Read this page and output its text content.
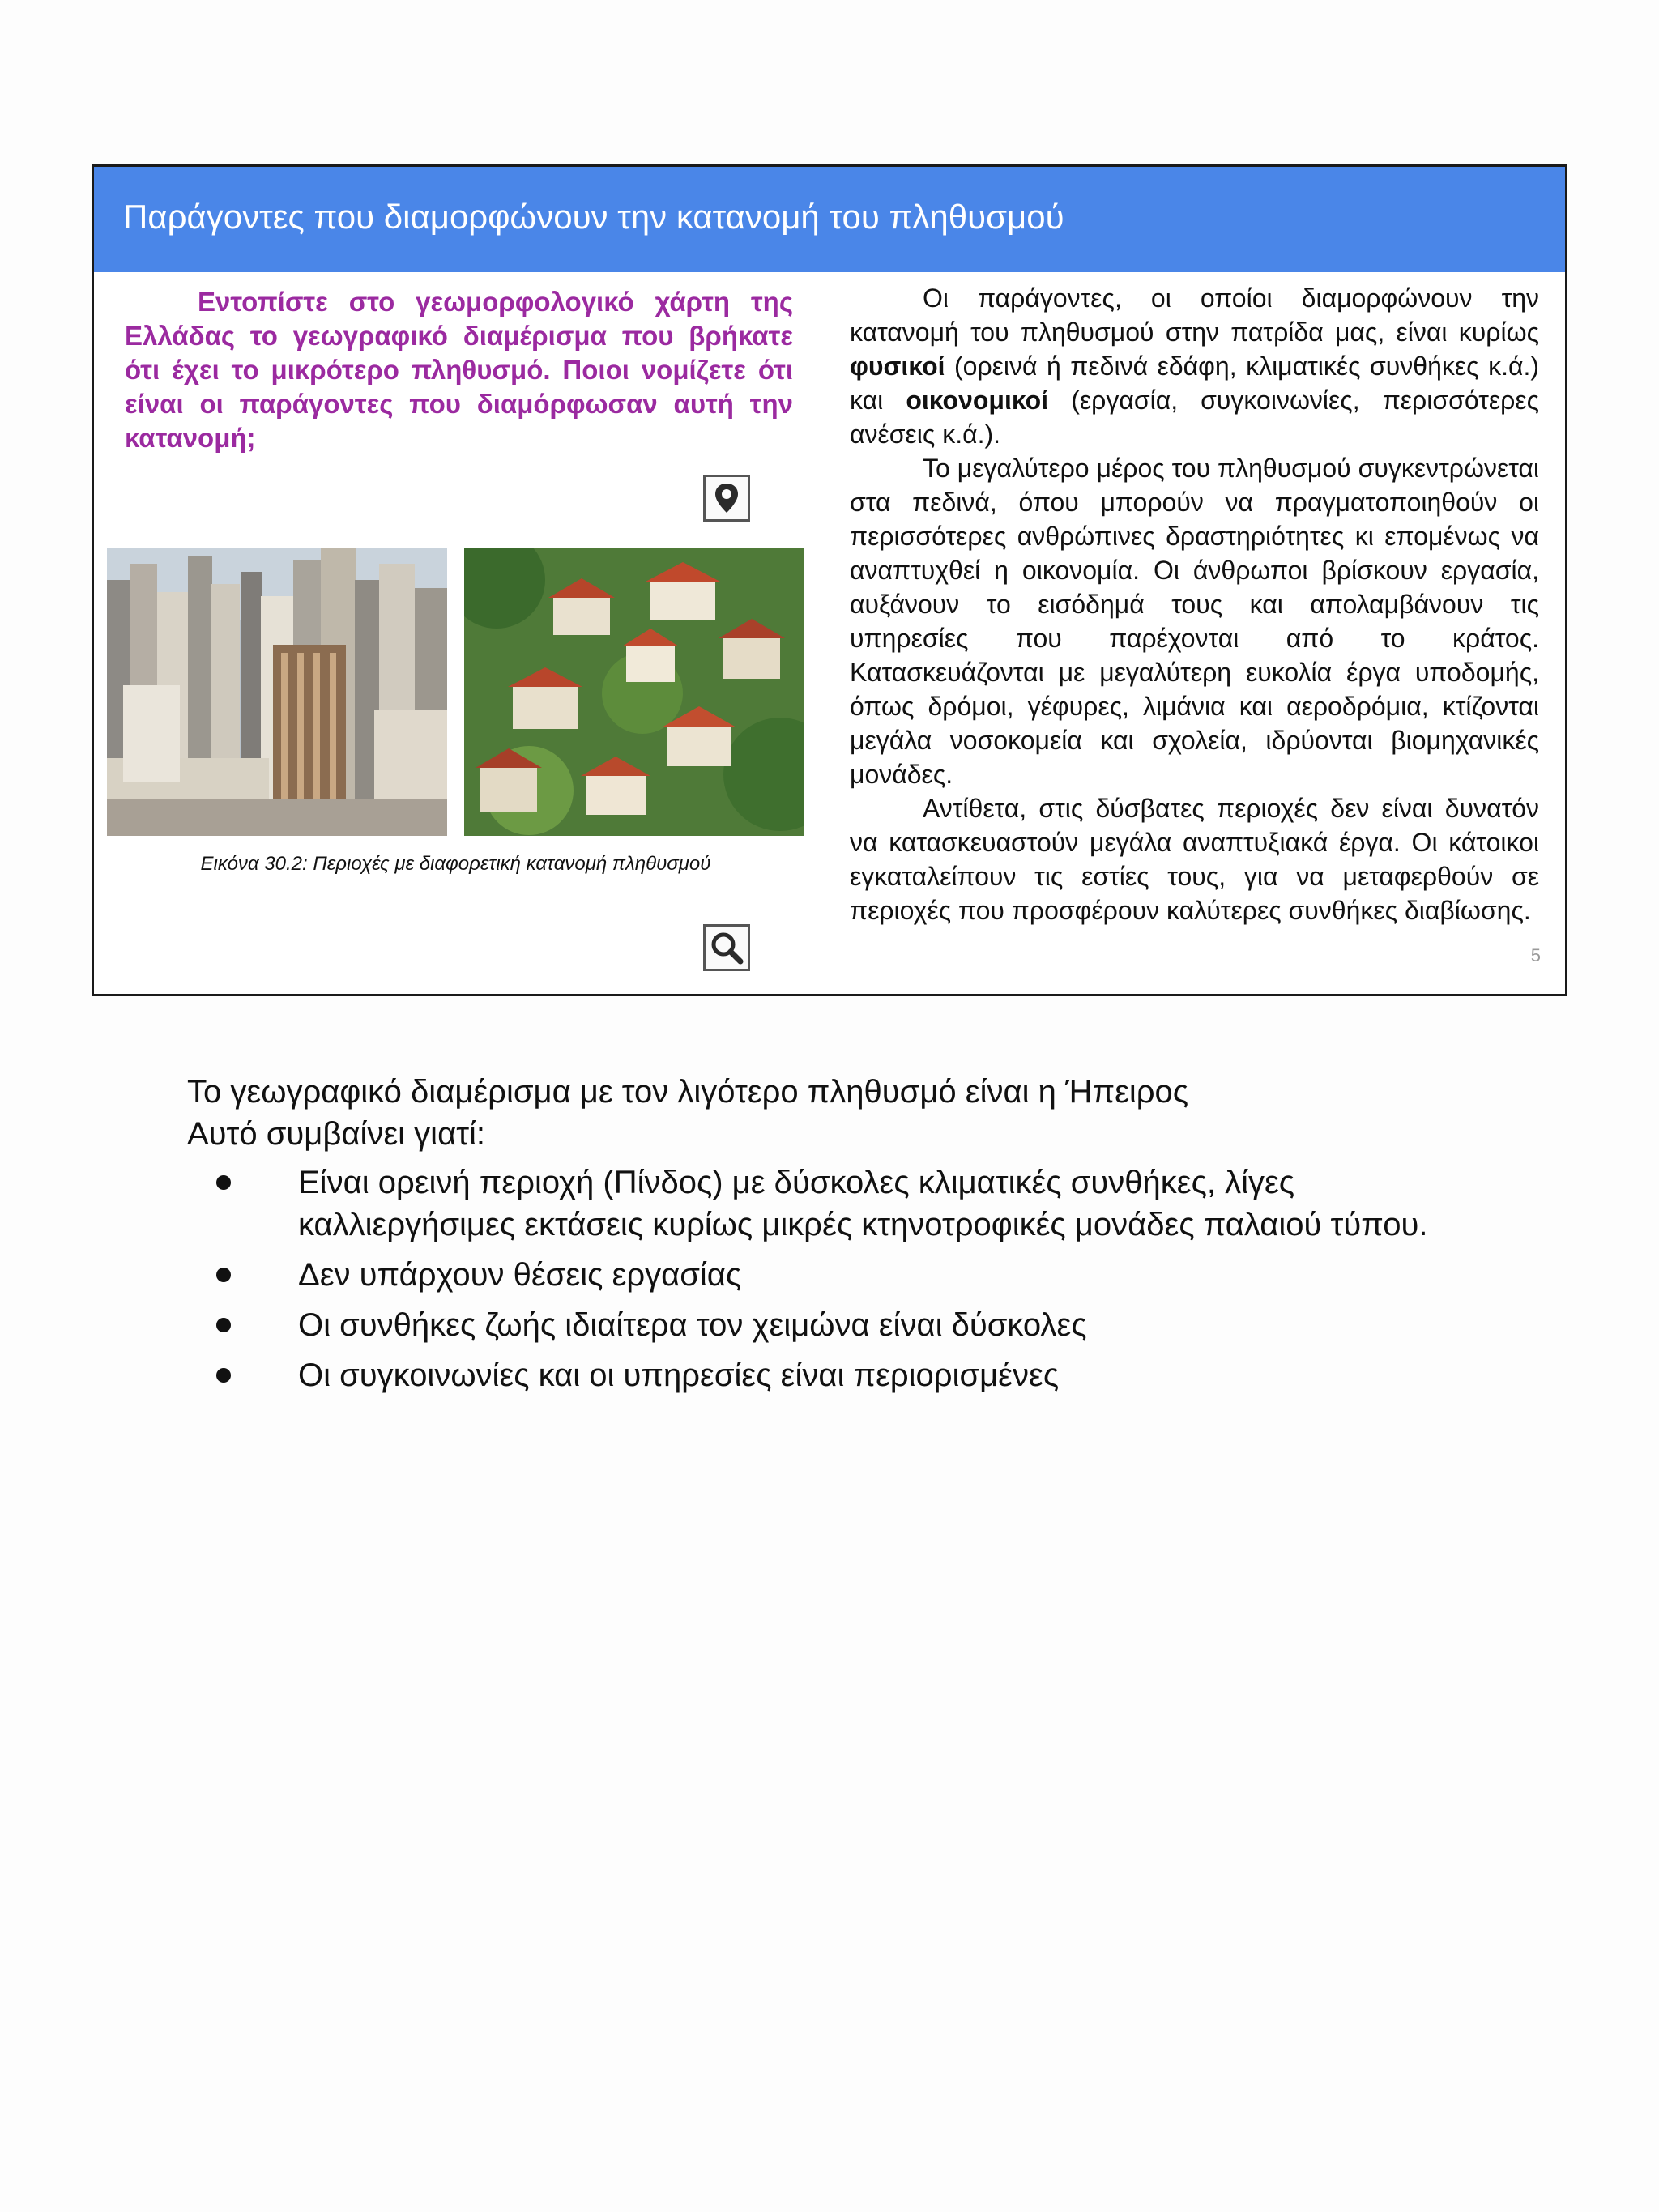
Παράγοντες που διαμορφώνουν την κατανομή του πληθυσμού
Εντοπίστε στο γεωμορφολογικό χάρτη της Ελλάδας το γεωγραφικό διαμέρισμα που βρήκατε ότι έχει το μικρότερο πληθυσμό. Ποιοι νομίζετε ότι είναι οι παράγοντες που διαμόρφωσαν αυτή την κατανομή;
Εικόνα 30.2: Περιοχές με διαφορετική κατανομή πληθυσμού

Οι παράγοντες, οι οποίοι διαμορφώνουν την κατανομή του πληθυσμού στην πατρίδα μας, είναι κυρίως φυσικοί (ορεινά ή πεδινά εδάφη, κλιματικές συνθήκες κ.ά.) και οικονομικοί (εργασία, συγκοινωνίες, περισσότερες ανέσεις κ.ά.).

Το μεγαλύτερο μέρος του πληθυσμού συγκεντρώνεται στα πεδινά, όπου μπορούν να πραγματοποιηθούν οι περισσότερες ανθρώπινες δραστηριότητες κι επομένως να αναπτυχθεί η οικονομία. Οι άνθρωποι βρίσκουν εργασία, αυξάνουν το εισόδημά τους και απολαμβάνουν τις υπηρεσίες που παρέχονται από το κράτος. Κατασκευάζονται με μεγαλύτερη ευκολία έργα υποδομής, όπως δρόμοι, γέφυρες, λιμάνια και αεροδρόμια, κτίζονται μεγάλα νοσοκομεία και σχολεία, ιδρύονται βιομηχανικές μονάδες.

Αντίθετα, στις δύσβατες περιοχές δεν είναι δυνατόν να κατασκευαστούν μεγάλα αναπτυξιακά έργα. Οι κάτοικοι εγκαταλείπουν τις εστίες τους, για να μεταφερθούν σε περιοχές που προσφέρουν καλύτερες συνθήκες διαβίωσης.

5
Το γεωγραφικό διαμέρισμα με τον λιγότερο πληθυσμό είναι η Ήπειρος
Αυτό συμβαίνει γιατί:
Είναι ορεινή περιοχή (Πίνδος) με δύσκολες κλιματικές συνθήκες, λίγες καλλιεργήσιμες εκτάσεις κυρίως μικρές κτηνοτροφικές μονάδες παλαιού τύπου.
Δεν υπάρχουν θέσεις εργασίας
Οι συνθήκες ζωής ιδιαίτερα τον χειμώνα είναι δύσκολες
Οι συγκοινωνίες και οι υπηρεσίες είναι περιορισμένες
